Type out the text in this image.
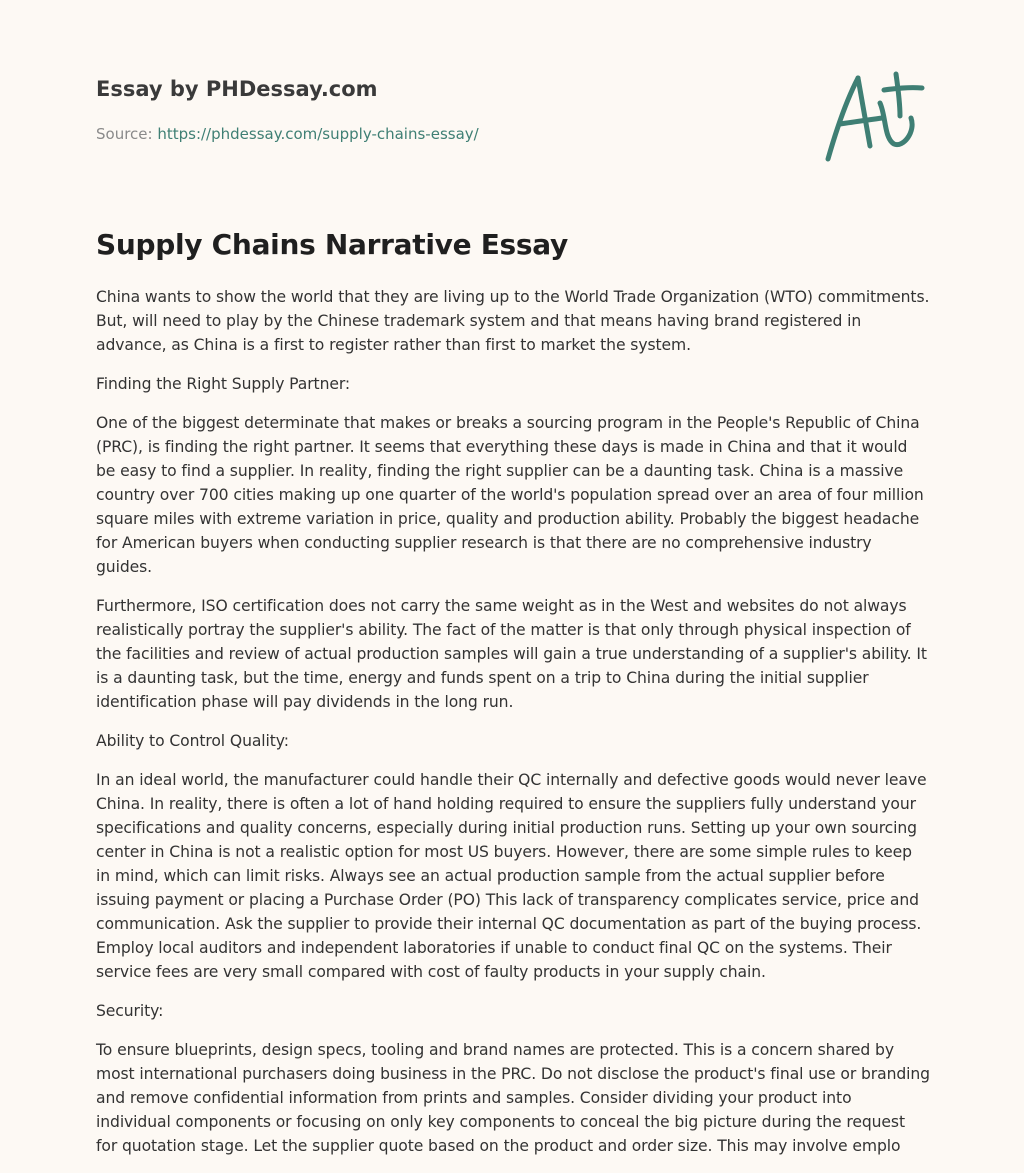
Essay by PHDessay.com
Source: https://phdessay.com/supply-chains-essay/
Supply Chains Narrative Essay

China wants to show the world that they are living up to the World Trade Organization (WTO) commitments. But, will need to play by the Chinese trademark system and that means having brand registered in advance, as China is a first to register rather than first to market the system.

Finding the Right Supply Partner:

One of the biggest determinate that makes or breaks a sourcing program in the People's Republic of China (PRC), is finding the right partner. It seems that everything these days is made in China and that it would be easy to find a supplier. In reality, finding the right supplier can be a daunting task. China is a massive country over 700 cities making up one quarter of the world's population spread over an area of four million square miles with extreme variation in price, quality and production ability. Probably the biggest headache for American buyers when conducting supplier research is that there are no comprehensive industry guides.

Furthermore, ISO certification does not carry the same weight as in the West and websites do not always realistically portray the supplier's ability. The fact of the matter is that only through physical inspection of the facilities and review of actual production samples will gain a true understanding of a supplier's ability. It is a daunting task, but the time, energy and funds spent on a trip to China during the initial supplier identification phase will pay dividends in the long run.

Ability to Control Quality:

In an ideal world, the manufacturer could handle their QC internally and defective goods would never leave China. In reality, there is often a lot of hand holding required to ensure the suppliers fully understand your specifications and quality concerns, especially during initial production runs. Setting up your own sourcing center in China is not a realistic option for most US buyers. However, there are some simple rules to keep in mind, which can limit risks. Always see an actual production sample from the actual supplier before issuing payment or placing a Purchase Order (PO) This lack of transparency complicates service, price and communication. Ask the supplier to provide their internal QC documentation as part of the buying process. Employ local auditors and independent laboratories if unable to conduct final QC on the systems. Their service fees are very small compared with cost of faulty products in your supply chain.

Security:

To ensure blueprints, design specs, tooling and brand names are protected. This is a concern shared by most international purchasers doing business in the PRC. Do not disclose the product's final use or branding and remove confidential information from prints and samples. Consider dividing your product into individual components or focusing on only key components to conceal the big picture during the request for quotation stage. Let the supplier quote based on the product and order size. This may involve emplo
